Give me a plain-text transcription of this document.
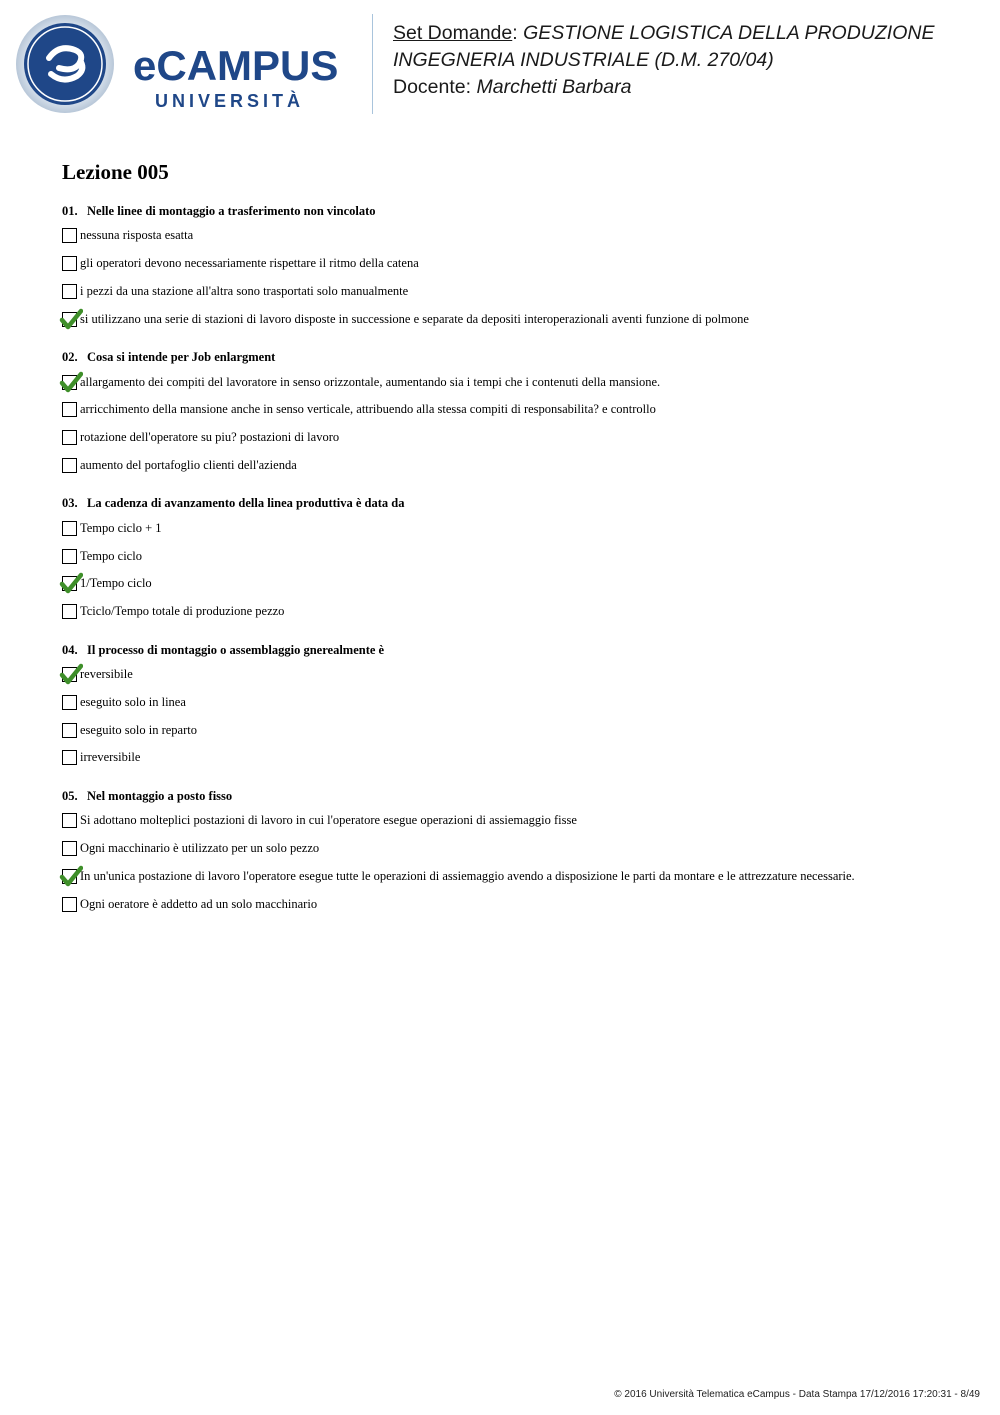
eCAMPUS
UNIVERSITÀ
Set Domande: GESTIONE LOGISTICA DELLA PRODUZIONE
INGEGNERIA INDUSTRIALE (D.M. 270/04)
Docente: Marchetti Barbara
Lezione 005
01. Nelle linee di montaggio a trasferimento non vincolato
nessuna risposta esatta
gli operatori devono necessariamente rispettare il ritmo della catena
i pezzi da una stazione all'altra sono trasportati solo manualmente
si utilizzano una serie di stazioni di lavoro disposte in successione e separate da depositi interoperazionali aventi funzione di polmone
02. Cosa si intende per Job enlargment
allargamento dei compiti del lavoratore in senso orizzontale, aumentando sia i tempi che i contenuti della mansione.
arricchimento della mansione anche in senso verticale, attribuendo alla stessa compiti di responsabilita? e controllo
rotazione dell'operatore su piu? postazioni di lavoro
aumento del portafoglio clienti dell'azienda
03. La cadenza di avanzamento della linea produttiva è data da
Tempo ciclo + 1
Tempo ciclo
1/Tempo ciclo
Tciclo/Tempo totale di produzione pezzo
04. Il processo di montaggio o assemblaggio gnerealmente è
reversibile
eseguito solo in linea
eseguito solo in reparto
irreversibile
05. Nel montaggio a posto fisso
Si adottano molteplici postazioni di lavoro in cui l'operatore esegue operazioni di assiemaggio fisse
Ogni macchinario è utilizzato per un solo pezzo
In un'unica postazione di lavoro l'operatore esegue tutte le operazioni di assiemaggio avendo a disposizione le parti da montare e le attrezzature necessarie.
Ogni oeratore è addetto ad un solo macchinario
© 2016 Università Telematica eCampus - Data Stampa 17/12/2016 17:20:31 - 8/49
